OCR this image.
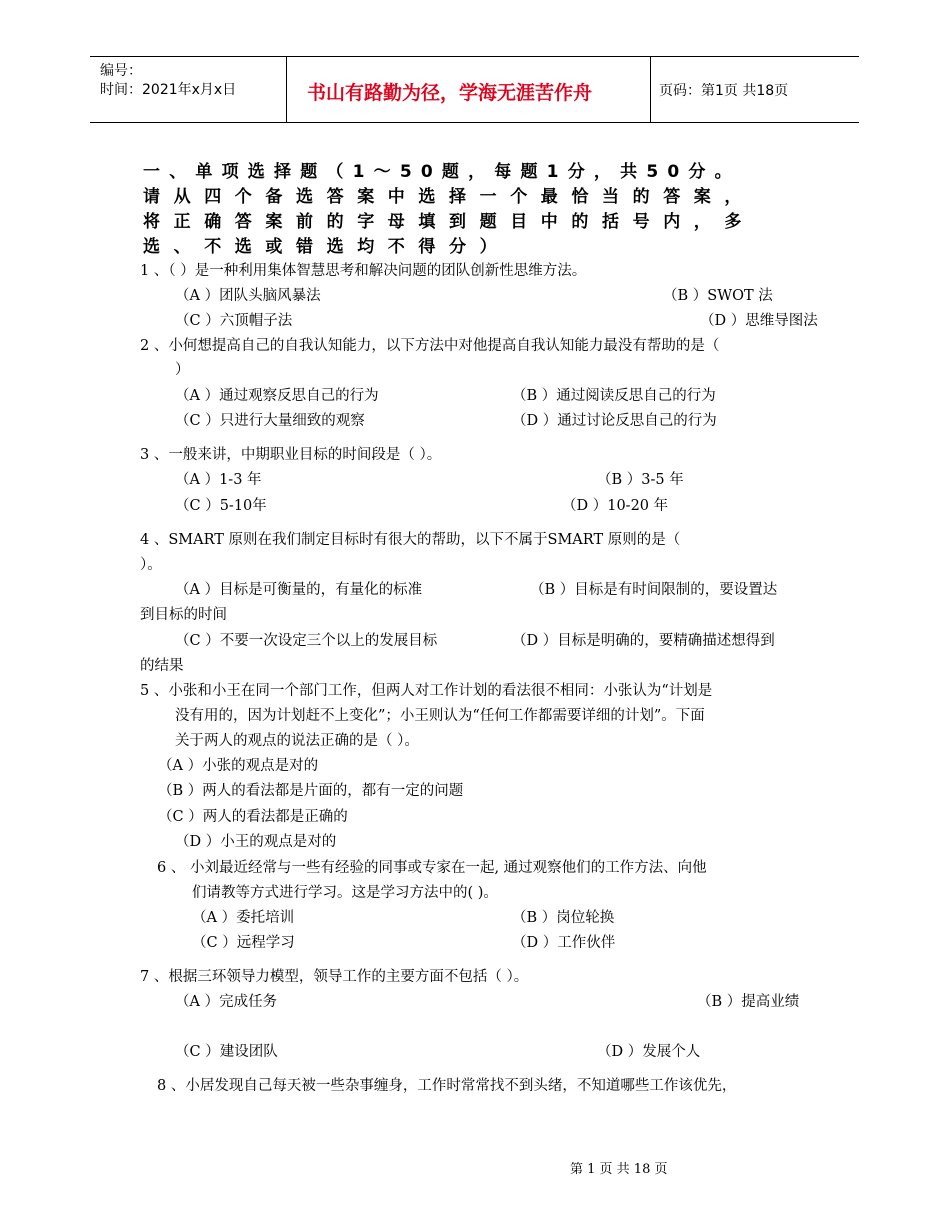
编号：
时间：2021年x月x日	书山有路勤为径，学海无涯苦作舟	页码：第1页 共18页
一、单项选择题（1～50题，每题1分，共50分。
请从四个备选答案中选择一个最恰当的答案，
将正确答案前的字母填到题目中的括号内，多
选、不选或错选均不得分）
1 、（ ）是一种利用集体智慧思考和解决问题的团队创新性思维方法。
（A ）团队头脑风暴法	（B ）SWOT 法
（C ）六顶帽子法	（D ）思维导图法
2 、小何想提高自己的自我认知能力，以下方法中对他提高自我认知能力最没有帮助的是（
）
（A ）通过观察反思自己的行为	（B ）通过阅读反思自己的行为
（C ）只进行大量细致的观察	（D ）通过讨论反思自己的行为
3 、一般来讲，中期职业目标的时间段是（ ）。
（A ）1-3 年	（B ）3-5 年
（C ）5-10年	（D ）10-20 年
4 、SMART 原则在我们制定目标时有很大的帮助，以下不属于SMART 原则的是（
）。
（A ）目标是可衡量的，有量化的标准	（B ）目标是有时间限制的，要设置达
到目标的时间
（C ）不要一次设定三个以上的发展目标	（D ）目标是明确的，要精确描述想得到
的结果
5 、小张和小王在同一个部门工作，但两人对工作计划的看法很不相同：小张认为“计划是
没有用的，因为计划赶不上变化”；小王则认为“任何工作都需要详细的计划”。下面
关于两人的观点的说法正确的是（ ）。
（A ）小张的观点是对的
（B ）两人的看法都是片面的，都有一定的问题
（C ）两人的看法都是正确的
（D ）小王的观点是对的
6 、 小刘最近经常与一些有经验的同事或专家在一起, 通过观察他们的工作方法、向他
们请教等方式进行学习。这是学习方法中的( )。
（A ）委托培训	（B ）岗位轮换
（C ）远程学习	（D ）工作伙伴
7 、根据三环领导力模型，领导工作的主要方面不包括（ ）。
（A ）完成任务	（B ）提高业绩
（C ）建设团队	（D ）发展个人
8 、小居发现自己每天被一些杂事缠身，工作时常常找不到头绪，不知道哪些工作该优先，
第 1 页 共 18 页
